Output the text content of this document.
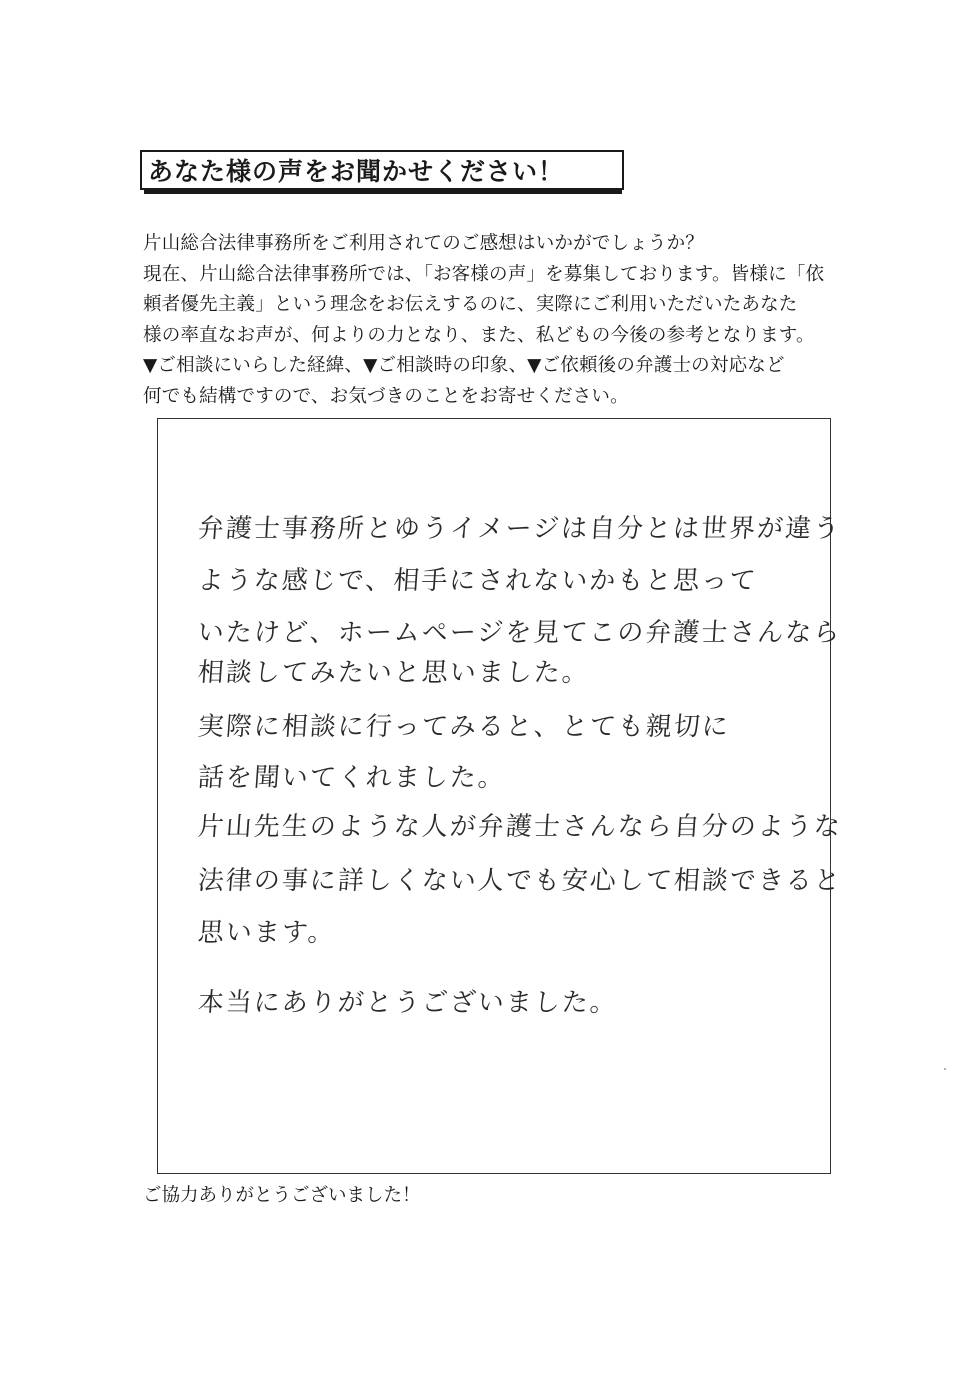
あなた様の声をお聞かせください！
片山総合法律事務所をご利用されてのご感想はいかがでしょうか？
現在、片山総合法律事務所では、「お客様の声」を募集しております。皆様に「依
頼者優先主義」という理念をお伝えするのに、実際にご利用いただいたあなた
様の率直なお声が、何よりの力となり、また、私どもの今後の参考となります。
▼ご相談にいらした経緯、▼ご相談時の印象、▼ご依頼後の弁護士の対応など
何でも結構ですので、お気づきのことをお寄せください。
弁護士事務所とゆうイメージは自分とは世界が違う
ような感じで、相手にされないかもと思って
いたけど、ホームページを見てこの弁護士さんなら
相談してみたいと思いました。
実際に相談に行ってみると、とても親切に
話を聞いてくれました。
片山先生のような人が弁護士さんなら自分のような
法律の事に詳しくない人でも安心して相談できると
思います。
本当にありがとうございました。
ご協力ありがとうございました！
